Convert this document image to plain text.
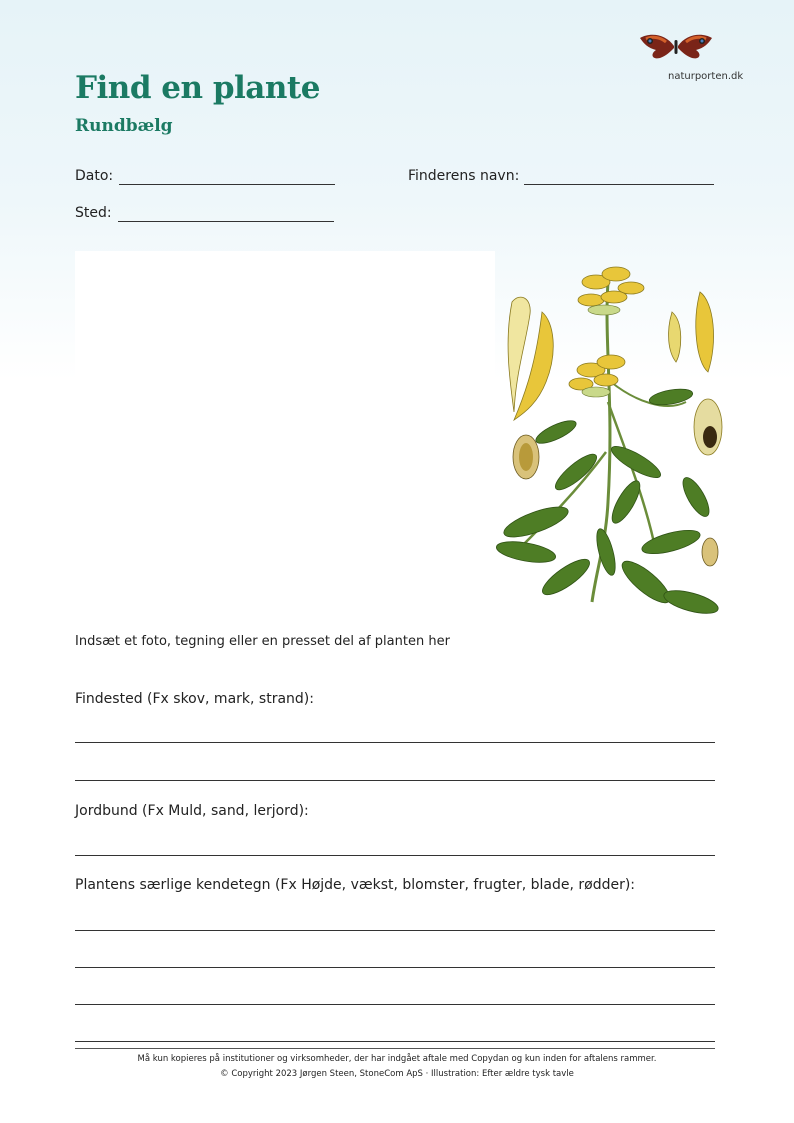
naturporten.dk
Find en plante
Rundbælg
Dato:	Finderens navn:
Sted:
Indsæt et foto, tegning eller en presset del af planten her
Findested (Fx skov, mark, strand):
Jordbund (Fx Muld, sand, lerjord):
Plantens særlige kendetegn (Fx Højde, vækst, blomster, frugter, blade, rødder):
Må kun kopieres på institutioner og virksomheder, der har indgået aftale med Copydan og kun inden for aftalens rammer.
© Copyright 2023 Jørgen Steen, StoneCom ApS · Illustration: Efter ældre tysk tavle
